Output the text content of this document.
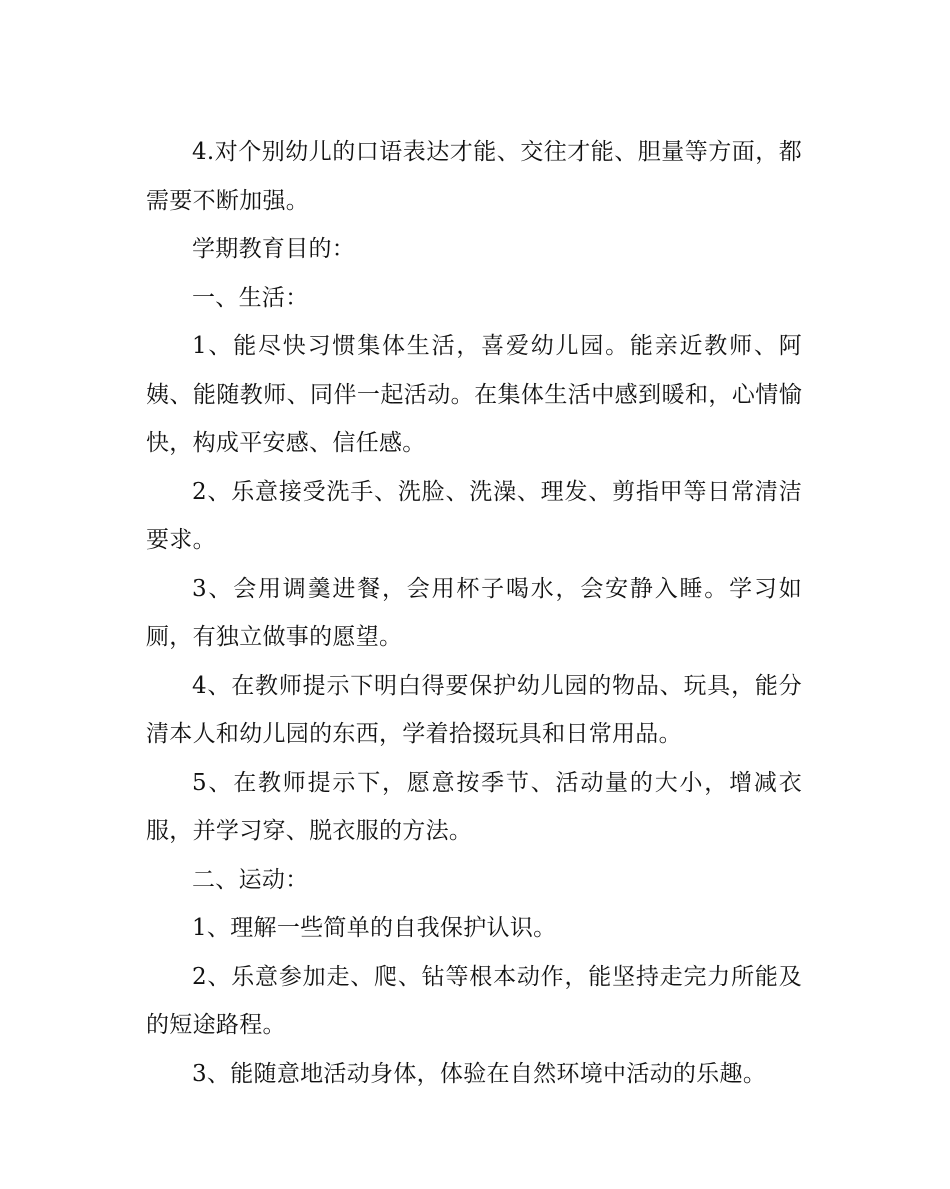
4.对个别幼儿的口语表达才能、交往才能、胆量等方面，都需要不断加强。

学期教育目的：

一、生活：

1、能尽快习惯集体生活，喜爱幼儿园。能亲近教师、阿姨、能随教师、同伴一起活动。在集体生活中感到暖和，心情愉快，构成平安感、信任感。

2、乐意接受洗手、洗脸、洗澡、理发、剪指甲等日常清洁要求。

3、会用调羹进餐，会用杯子喝水，会安静入睡。学习如厕，有独立做事的愿望。

4、在教师提示下明白得要保护幼儿园的物品、玩具，能分清本人和幼儿园的东西，学着拾掇玩具和日常用品。

5、在教师提示下，愿意按季节、活动量的大小，增减衣服，并学习穿、脱衣服的方法。

二、运动：

1、理解一些简单的自我保护认识。

2、乐意参加走、爬、钻等根本动作，能坚持走完力所能及的短途路程。

3、能随意地活动身体，体验在自然环境中活动的乐趣。
